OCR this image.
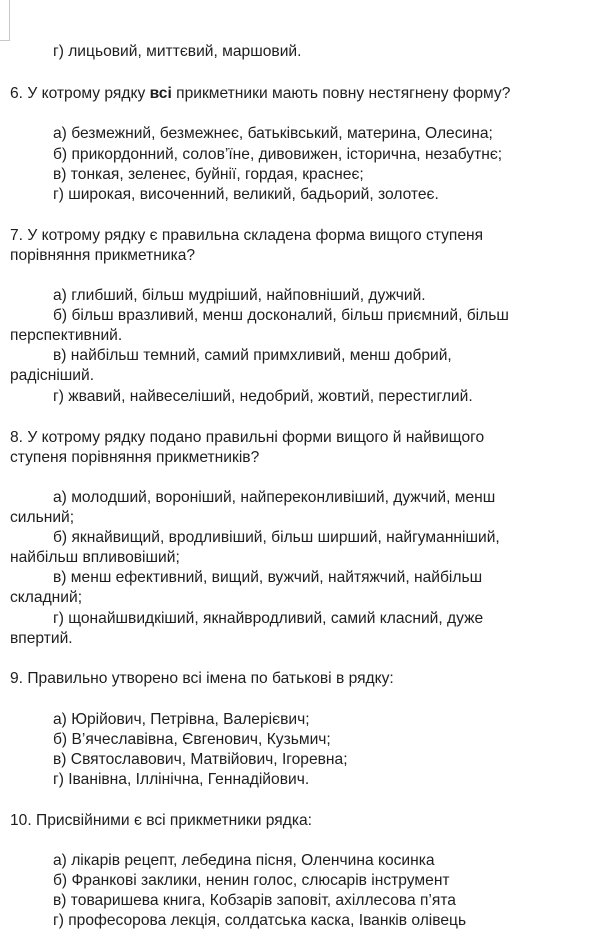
г) лицьовий, миттєвий, маршовий.
6. У котрому рядку всі прикметники мають повну нестягнену форму?
а) безмежний, безмежнеє, батьківський, материна, Олесина;
б) прикордонний, солов’їне, дивовижен, історична, незабутнє;
в) тонкая, зеленеє, буйнії, гордая, краснеє;
г) широкая, височенний, великий, бадьорий, золотеє.
7. У котрому рядку є правильна складена форма вищого ступеня
порівняння прикметника?
а) глибший, більш мудріший, найповніший, дужчий.
б) більш вразливий, менш досконалий, більш приємний, більш
перспективний.
в) найбільш темний, самий примхливий, менш добрий,
радісніший.
г) жвавий, найвеселіший, недобрий, жовтий, перестиглий.
8. У котрому рядку подано правильні форми вищого й найвищого
ступеня порівняння прикметників?
а) молодший, вороніший, найпереконливіший, дужчий, менш
сильний;
б) якнайвищий, вродливіший, більш ширший, найгуманніший,
найбільш впливовіший;
в) менш ефективний, вищий, вужчий, найтяжчий, найбільш
складний;
г) щонайшвидкіший, якнайвродливий, самий класний, дуже
впертий.
9. Правильно утворено всі імена по батькові в рядку:
а) Юрійович, Петрівна, Валерієвич;
б) В’ячеславівна, Євгенович, Кузьмич;
в) Святославович, Матвійович, Ігоревна;
г) Іванівна, Іллінічна, Геннадійович.
10. Присвійними є всі прикметники рядка:
а) лікарів рецепт, лебедина пісня, Оленчина косинка
б) Франкові заклики, ненин голос, слюсарів інструмент
в) товаришева книга, Кобзарів заповіт, ахіллесова п’ята
г) професорова лекція, солдатська каска, Іванків олівець
